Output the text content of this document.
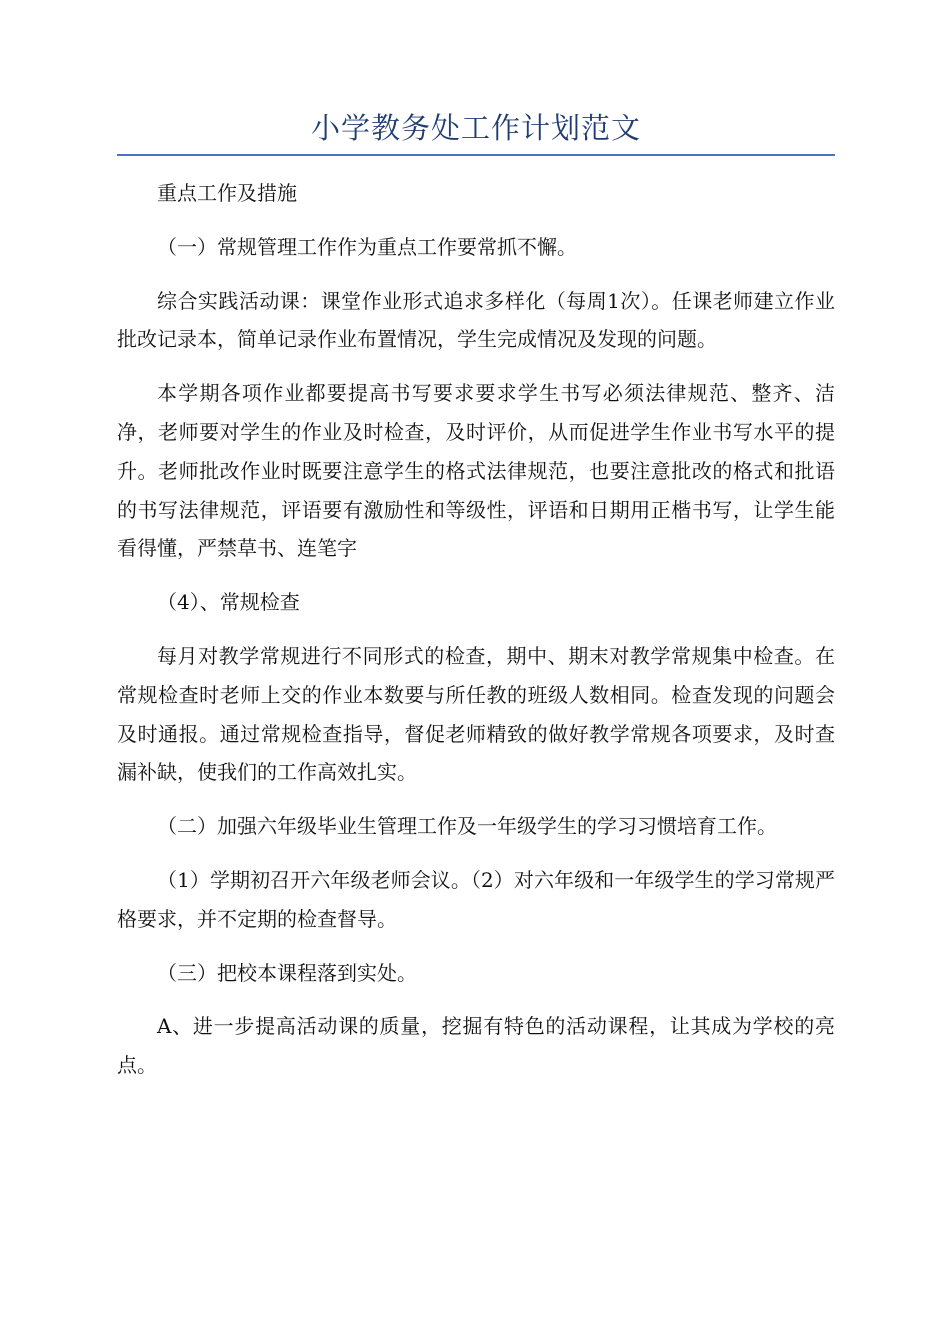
小学教务处工作计划范文

重点工作及措施

（一）常规管理工作作为重点工作要常抓不懈。

综合实践活动课：课堂作业形式追求多样化（每周1次）。任课老师建立作业批改记录本，简单记录作业布置情况，学生完成情况及发现的问题。

本学期各项作业都要提高书写要求要求学生书写必须法律规范、整齐、洁净，老师要对学生的作业及时检查，及时评价，从而促进学生作业书写水平的提升。老师批改作业时既要注意学生的格式法律规范，也要注意批改的格式和批语的书写法律规范，评语要有激励性和等级性，评语和日期用正楷书写，让学生能看得懂，严禁草书、连笔字

（4）、常规检查

每月对教学常规进行不同形式的检查，期中、期末对教学常规集中检查。在常规检查时老师上交的作业本数要与所任教的班级人数相同。检查发现的问题会及时通报。通过常规检查指导，督促老师精致的做好教学常规各项要求，及时查漏补缺，使我们的工作高效扎实。

（二）加强六年级毕业生管理工作及一年级学生的学习习惯培育工作。

（1）学期初召开六年级老师会议。（2）对六年级和一年级学生的学习常规严格要求，并不定期的检查督导。

（三）把校本课程落到实处。

A、进一步提高活动课的质量，挖掘有特色的活动课程，让其成为学校的亮点。
